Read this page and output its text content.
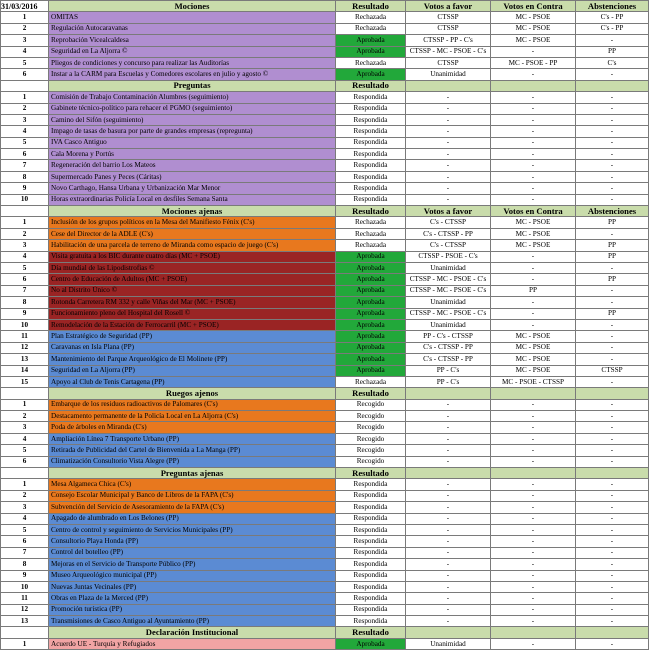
31/03/2016	Mociones	Resultado	Votos a favor	Votos en Contra	Abstenciones
1	OMITAS	Rechazada	CTSSP	MC - PSOE	C's - PP
2	Regulación Autocaravanas	Rechazada	CTSSP	MC - PSOE	C's - PP
3	Reprobación Vicealcaldesa	Aprobada	CTSSP - PP - C's	MC - PSOE	-
4	Seguridad en La Aljorra ©	Aprobada	CTSSP - MC - PSOE - C's	-	PP
5	Pliegos de condiciones y concurso para realizar las Auditorías	Rechazada	CTSSP	MC - PSOE - PP	C's
6	Instar a la CARM para Escuelas y Comedores escolares en julio y agosto ©	Aprobada	Unanimidad	-	-
	Preguntas	Resultado			
1	Comisión de Trabajo Contaminación Alumbres (seguimiento)	Respondida	-	-	-
2	Gabinete técnico-político para rehacer el PGMO (seguimiento)	Respondida	-	-	-
3	Camino del Sifón (seguimiento)	Respondida	-	-	-
4	Impago de tasas de basura por parte de grandes empresas (repregunta)	Respondida	-	-	-
5	IVA Casco Antiguo	Respondida	-	-	-
6	Cala Morena y Portús	Respondida	-	-	-
7	Regeneración del barrio Los Mateos	Respondida	-	-	-
8	Supermercado Panes y Peces (Cáritas)	Respondida	-	-	-
9	Novo Carthago, Hansa Urbana y Urbanización Mar Menor	Respondida	-	-	-
10	Horas extraordinarias Policía Local en desfiles Semana Santa	Respondida	-	-	-
	Mociones ajenas	Resultado	Votos a favor	Votos en Contra	Abstenciones
1	Inclusión de los grupos políticos en la Mesa del Manifiesto Fénix (C's)	Rechazada	C's - CTSSP	MC - PSOE	PP
2	Cese del Director de la ADLE (C's)	Rechazada	C's - CTSSP - PP	MC - PSOE	-
3	Habilitación de una parcela de terreno de Miranda como espacio de juego (C's)	Rechazada	C's - CTSSP	MC - PSOE	PP
4	Visita gratuita a los BIC durante cuatro días (MC + PSOE)	Aprobada	CTSSP - PSOE - C's	-	PP
5	Día mundial de las Lipodistrofias ©	Aprobada	Unanimidad	-	-
6	Centro de Educación de Adultos (MC + PSOE)	Aprobada	CTSSP - MC - PSOE - C's	-	PP
7	No al Distrito Único ©	Aprobada	CTSSP - MC - PSOE - C's	PP	-
8	Rotonda Carretera RM 332 y calle Viñas del Mar (MC + PSOE)	Aprobada	Unanimidad	-	-
9	Funcionamiento pleno del Hospital del Rosell ©	Aprobada	CTSSP - MC - PSOE - C's	-	PP
10	Remodelación de la Estación de Ferrocarril (MC + PSOE)	Aprobada	Unanimidad	-	-
11	Plan Estratégico de Seguridad (PP)	Aprobada	PP - C's - CTSSP	MC - PSOE	-
12	Caravanas en Isla Plana (PP)	Aprobada	C's - CTSSP - PP	MC - PSOE	-
13	Mantenimiento del Parque Arqueológico de El Molinete (PP)	Aprobada	C's - CTSSP - PP	MC - PSOE	-
14	Seguridad en La Aljorra (PP)	Aprobada	PP - C's	MC - PSOE	CTSSP
15	Apoyo al Club de Tenis Cartagena (PP)	Rechazada	PP - C's	MC - PSOE - CTSSP	-
	Ruegos ajenos	Resultado			
1	Embarque de los residuos radioactivos de Palomares (C's)	Recogido	-	-	-
2	Destacamento permanente de la Policía Local en La Aljorra (C's)	Recogido	-	-	-
3	Poda de árboles en Miranda (C's)	Recogido	-	-	-
4	Ampliación Línea 7 Transporte Urbano (PP)	Recogido	-	-	-
5	Retirada de Publicidad del Cartel de Bienvenida a La Manga (PP)	Recogido	-	-	-
6	Climatización Consultorio Vista Alegre (PP)	Recogido	-	-	-
	Preguntas ajenas	Resultado			
1	Mesa Algameca Chica (C's)	Respondida	-	-	-
2	Consejo Escolar Municipal y Banco de Libros de la FAPA (C's)	Respondida	-	-	-
3	Subvención del Servicio de Asesoramiento de la FAPA (C's)	Respondida	-	-	-
4	Apagado de alumbrado en Los Belones (PP)	Respondida	-	-	-
5	Centro de control y seguimiento de Servicios Municipales (PP)	Respondida	-	-	-
6	Consultorio Playa Honda (PP)	Respondida	-	-	-
7	Control del botelleo (PP)	Respondida	-	-	-
8	Mejoras en el Servicio de Transporte Público (PP)	Respondida	-	-	-
9	Museo Arqueológico municipal (PP)	Respondida	-	-	-
10	Nuevas Juntas Vecinales (PP)	Respondida	-	-	-
11	Obras en Plaza de la Merced (PP)	Respondida	-	-	-
12	Promoción turística (PP)	Respondida	-	-	-
13	Transmisiones de Casco Antiguo al Ayuntamiento (PP)	Respondida	-	-	-
	Declaración Institucional	Resultado			
1	Acuerdo UE - Turquía y Refugiados	Aprobada	Unanimidad	-	-
